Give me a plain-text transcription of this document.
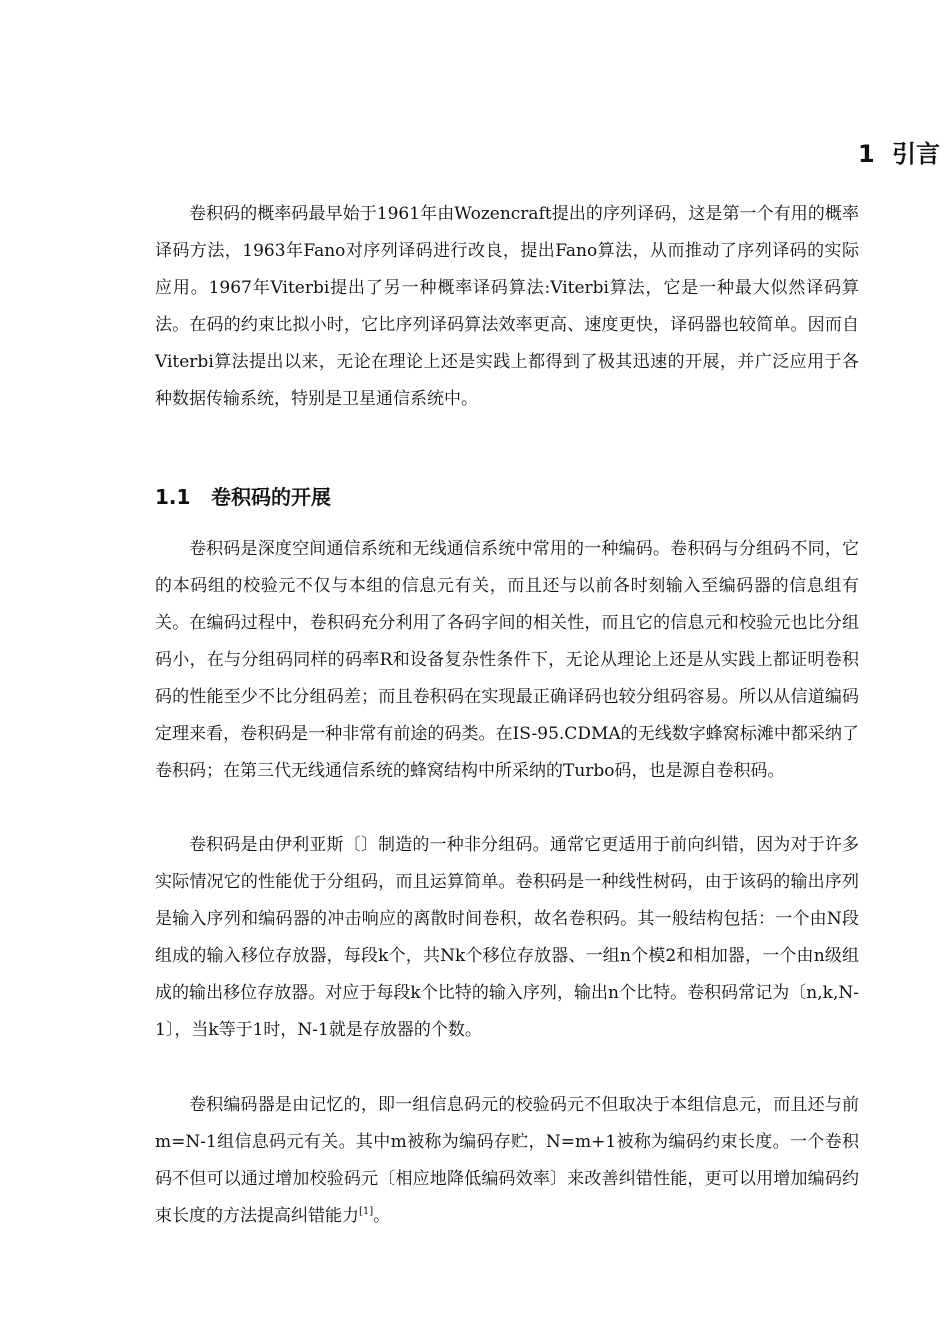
1 引言

卷积码的概率码最早始于1961年由Wozencraft提出的序列译码，这是第一个有用的概率译码方法，1963年Fano对序列译码进行改良，提出Fano算法，从而推动了序列译码的实际应用。1967年Viterbi提出了另一种概率译码算法:Viterbi算法，它是一种最大似然译码算法。在码的约束比拟小时，它比序列译码算法效率更高、速度更快，译码器也较简单。因而自Viterbi算法提出以来，无论在理论上还是实践上都得到了极其迅速的开展，并广泛应用于各种数据传输系统，特别是卫星通信系统中。

1.1 卷积码的开展

卷积码是深度空间通信系统和无线通信系统中常用的一种编码。卷积码与分组码不同，它的本码组的校验元不仅与本组的信息元有关，而且还与以前各时刻输入至编码器的信息组有关。在编码过程中，卷积码充分利用了各码字间的相关性，而且它的信息元和校验元也比分组码小，在与分组码同样的码率R和设备复杂性条件下，无论从理论上还是从实践上都证明卷积码的性能至少不比分组码差；而且卷积码在实现最正确译码也较分组码容易。所以从信道编码定理来看，卷积码是一种非常有前途的码类。在IS-95.CDMA的无线数字蜂窝标滩中都采纳了卷积码；在第三代无线通信系统的蜂窝结构中所采纳的Turbo码，也是源自卷积码。

卷积码是由伊利亚斯〔〕制造的一种非分组码。通常它更适用于前向纠错，因为对于许多实际情况它的性能优于分组码，而且运算简单。卷积码是一种线性树码，由于该码的输出序列是输入序列和编码器的冲击响应的离散时间卷积，故名卷积码。其一般结构包括：一个由N段组成的输入移位存放器，每段k个，共Nk个移位存放器、一组n个模2和相加器，一个由n级组成的输出移位存放器。对应于每段k个比特的输入序列，输出n个比特。卷积码常记为〔n,k,N-1〕，当k等于1时，N-1就是存放器的个数。

卷积编码器是由记忆的，即一组信息码元的校验码元不但取决于本组信息元，而且还与前m=N-1组信息码元有关。其中m被称为编码存贮，N=m+1被称为编码约束长度。一个卷积码不但可以通过增加校验码元〔相应地降低编码效率〕来改善纠错性能，更可以用增加编码约束长度的方法提高纠错能力[1]。
